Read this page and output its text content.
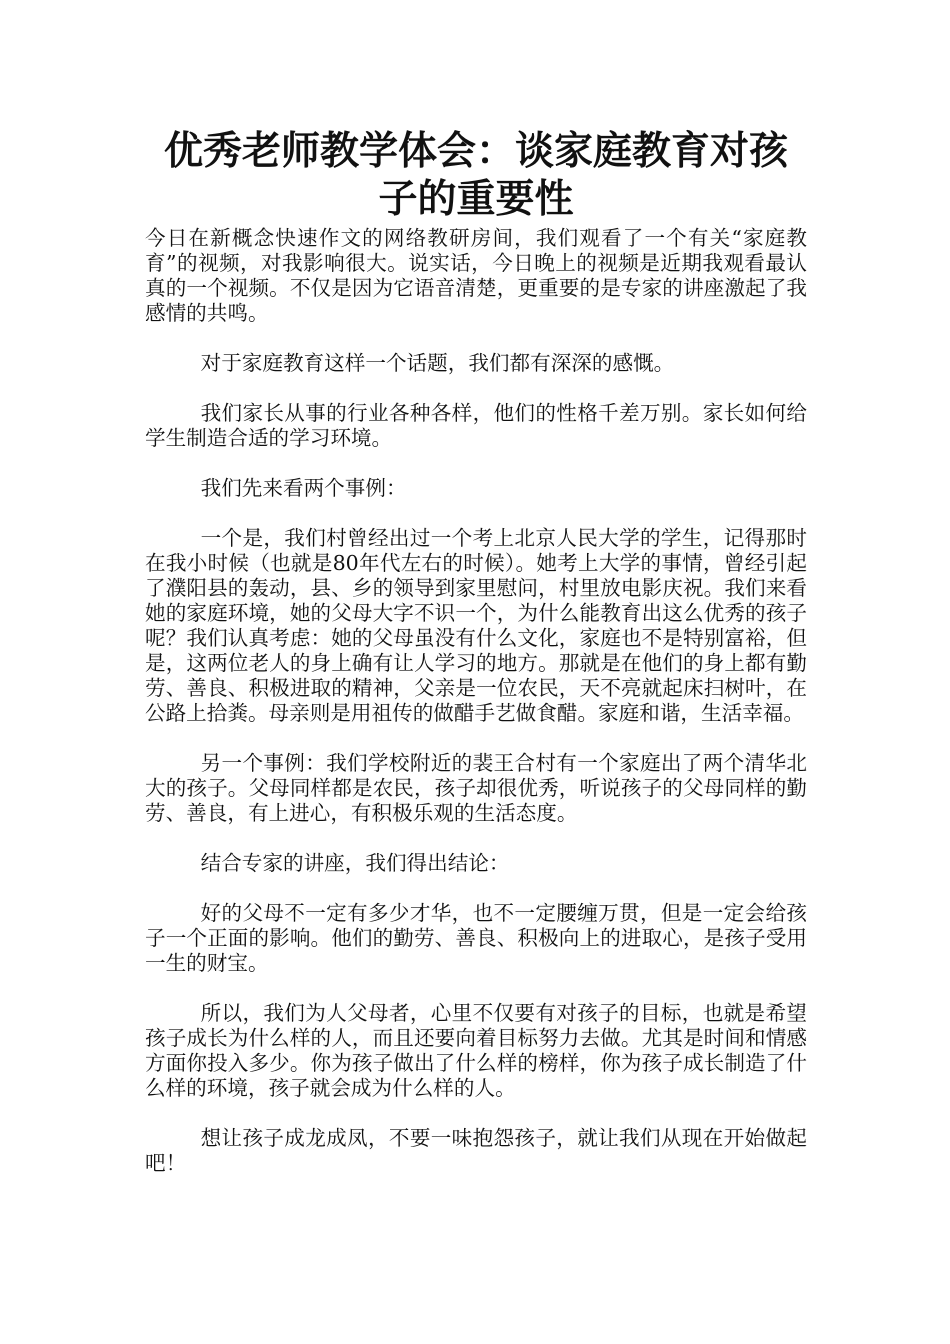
优秀老师教学体会：谈家庭教育对孩子的重要性

今日在新概念快速作文的网络教研房间，我们观看了一个有关“家庭教育”的视频，对我影响很大。说实话，今日晚上的视频是近期我观看最认真的一个视频。不仅是因为它语音清楚，更重要的是专家的讲座激起了我感情的共鸣。

对于家庭教育这样一个话题，我们都有深深的感慨。

我们家长从事的行业各种各样，他们的性格千差万别。家长如何给学生制造合适的学习环境。

我们先来看两个事例：

一个是，我们村曾经出过一个考上北京人民大学的学生，记得那时在我小时候（也就是80年代左右的时候）。她考上大学的事情，曾经引起了濮阳县的轰动，县、乡的领导到家里慰问，村里放电影庆祝。我们来看她的家庭环境，她的父母大字不识一个，为什么能教育出这么优秀的孩子呢？我们认真考虑：她的父母虽没有什么文化，家庭也不是特别富裕，但是，这两位老人的身上确有让人学习的地方。那就是在他们的身上都有勤劳、善良、积极进取的精神，父亲是一位农民，天不亮就起床扫树叶，在公路上拾粪。母亲则是用祖传的做醋手艺做食醋。家庭和谐，生活幸福。

另一个事例：我们学校附近的裴王合村有一个家庭出了两个清华北大的孩子。父母同样都是农民，孩子却很优秀，听说孩子的父母同样的勤劳、善良，有上进心，有积极乐观的生活态度。

结合专家的讲座，我们得出结论：

好的父母不一定有多少才华，也不一定腰缠万贯，但是一定会给孩子一个正面的影响。他们的勤劳、善良、积极向上的进取心，是孩子受用一生的财宝。

所以，我们为人父母者，心里不仅要有对孩子的目标，也就是希望孩子成长为什么样的人，而且还要向着目标努力去做。尤其是时间和情感方面你投入多少。你为孩子做出了什么样的榜样，你为孩子成长制造了什么样的环境，孩子就会成为什么样的人。

想让孩子成龙成凤，不要一味抱怨孩子，就让我们从现在开始做起吧！
